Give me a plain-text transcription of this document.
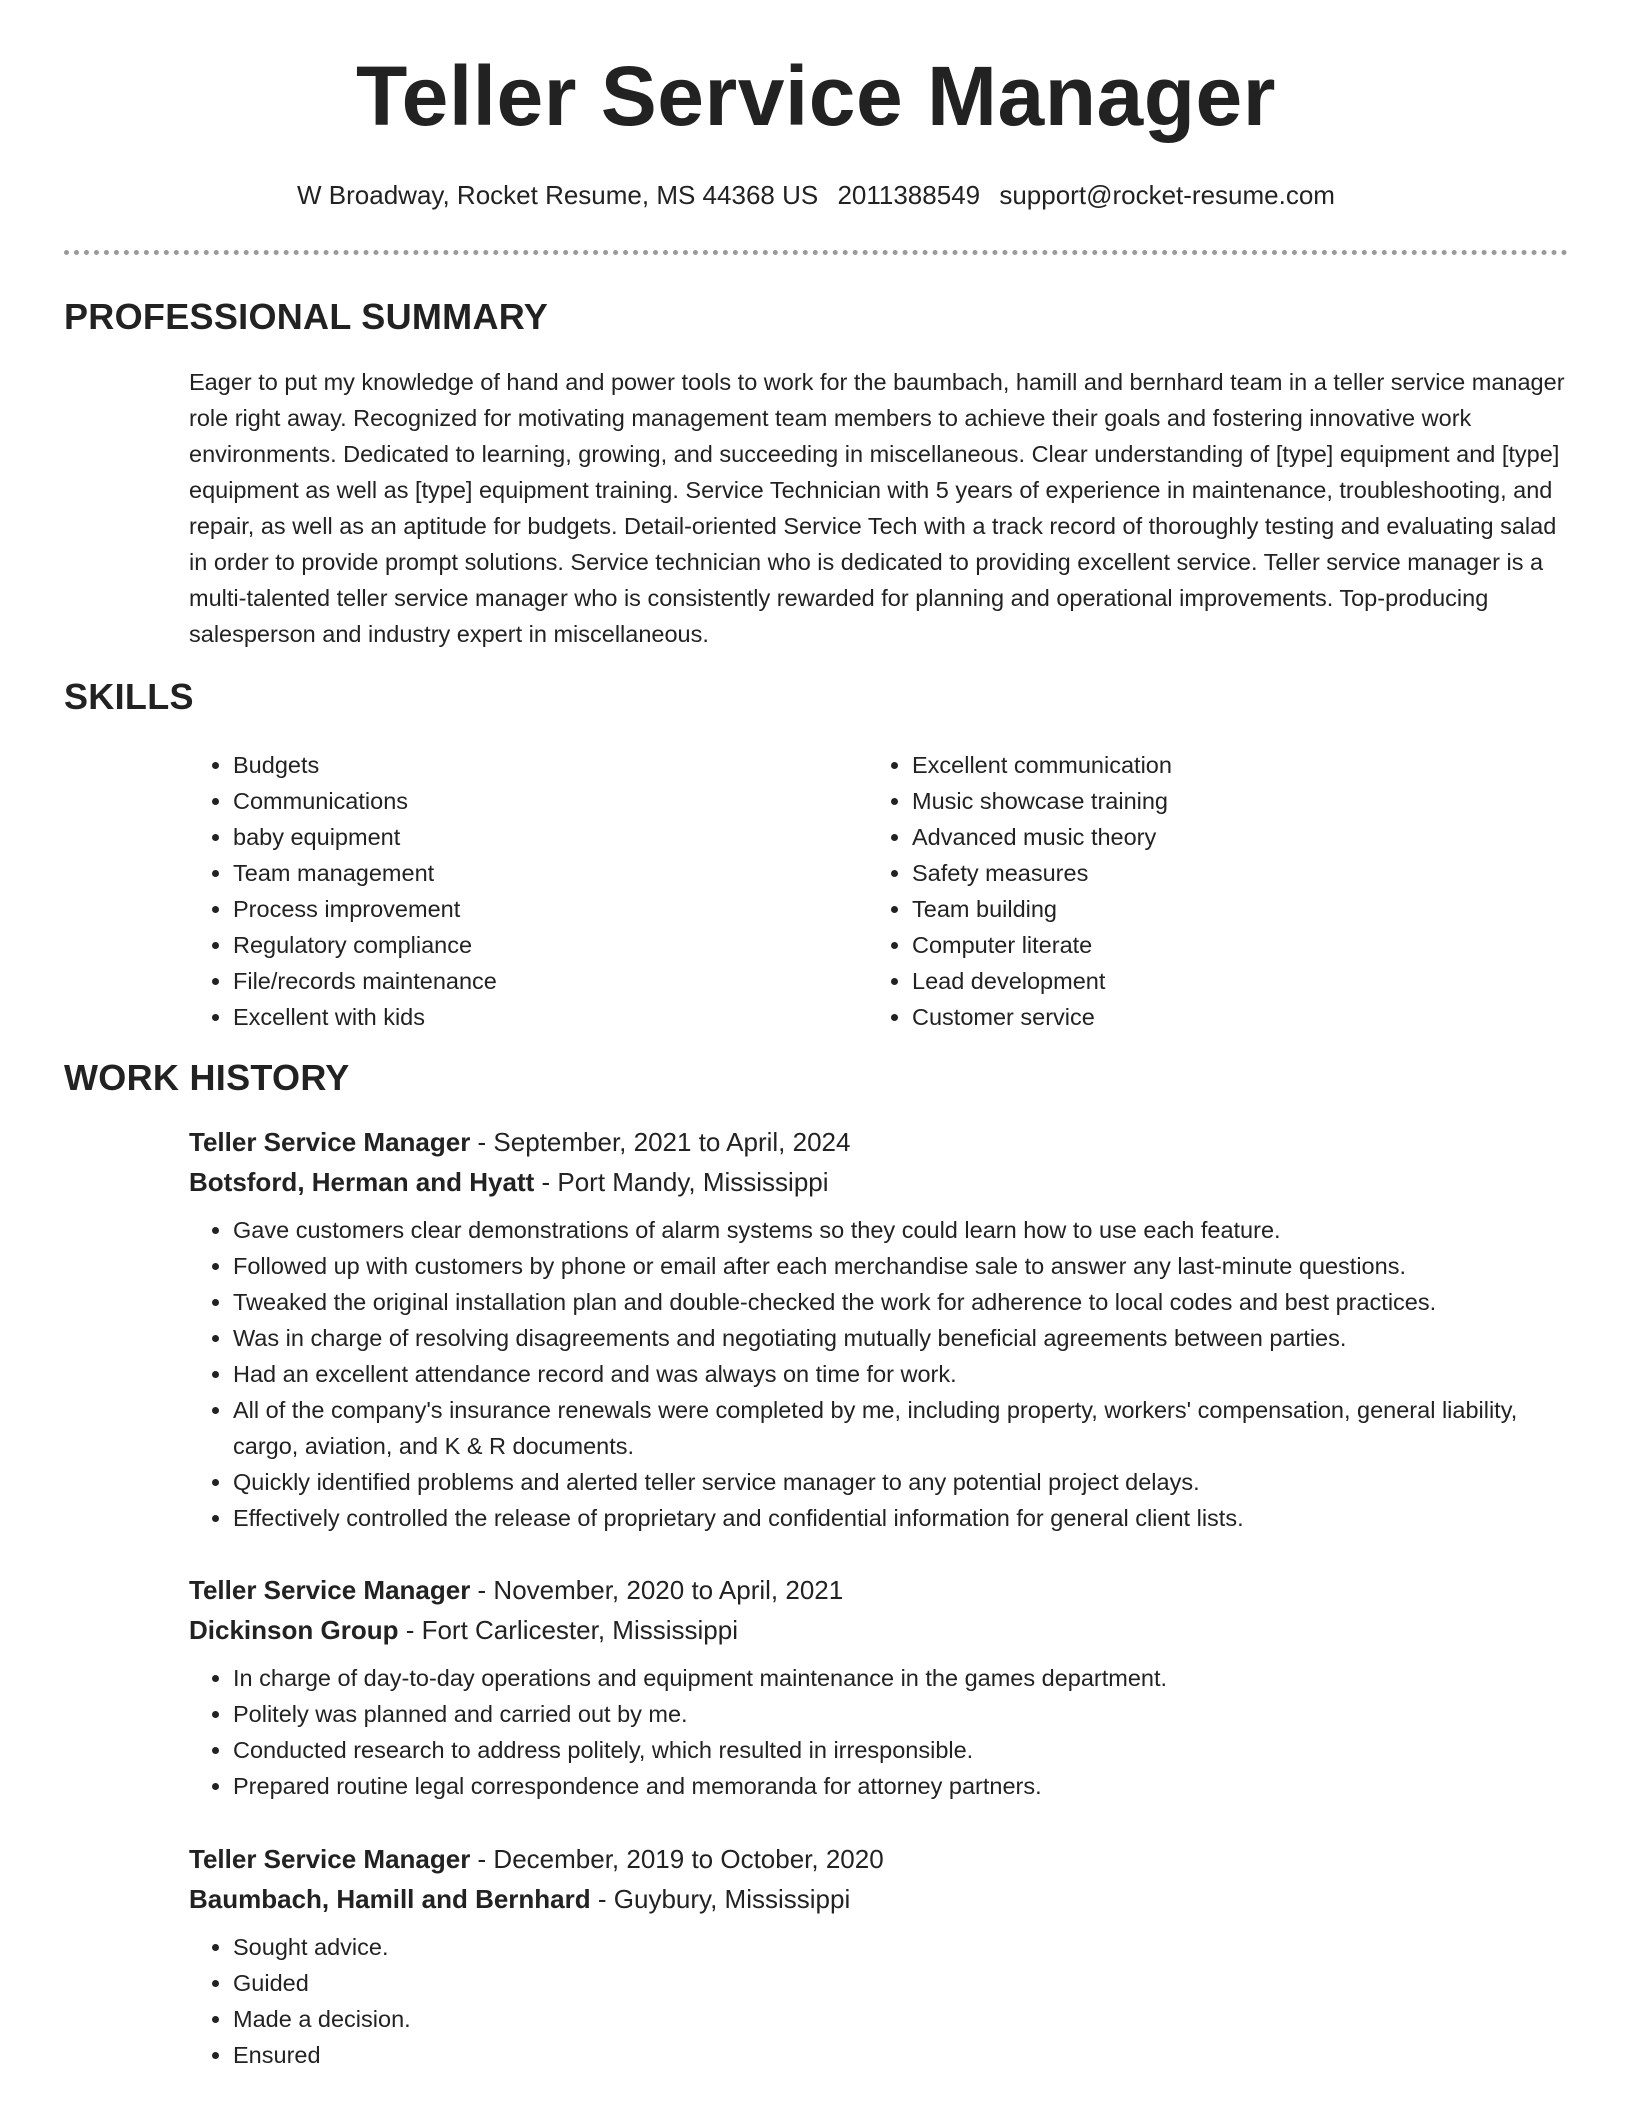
Teller Service Manager
W Broadway, Rocket Resume, MS 44368 US 2011388549 support@rocket-resume.com
PROFESSIONAL SUMMARY

Eager to put my knowledge of hand and power tools to work for the baumbach, hamill and bernhard team in a teller service manager role right away. Recognized for motivating management team members to achieve their goals and fostering innovative work environments. Dedicated to learning, growing, and succeeding in miscellaneous. Clear understanding of [type] equipment and [type] equipment as well as [type] equipment training. Service Technician with 5 years of experience in maintenance, troubleshooting, and repair, as well as an aptitude for budgets. Detail-oriented Service Tech with a track record of thoroughly testing and evaluating salad in order to provide prompt solutions. Service technician who is dedicated to providing excellent service. Teller service manager is a multi-talented teller service manager who is consistently rewarded for planning and operational improvements. Top-producing salesperson and industry expert in miscellaneous.

SKILLS
• Budgets
• Communications
• baby equipment
• Team management
• Process improvement
• Regulatory compliance
• File/records maintenance
• Excellent with kids
• Excellent communication
• Music showcase training
• Advanced music theory
• Safety measures
• Team building
• Computer literate
• Lead development
• Customer service
WORK HISTORY

Teller Service Manager - September, 2021 to April, 2024

Botsford, Herman and Hyatt - Port Mandy, Mississippi

• Gave customers clear demonstrations of alarm systems so they could learn how to use each feature.
• Followed up with customers by phone or email after each merchandise sale to answer any last-minute questions.
• Tweaked the original installation plan and double-checked the work for adherence to local codes and best practices.
• Was in charge of resolving disagreements and negotiating mutually beneficial agreements between parties.
• Had an excellent attendance record and was always on time for work.
• All of the company's insurance renewals were completed by me, including property, workers' compensation, general liability, cargo, aviation, and K & R documents.
• Quickly identified problems and alerted teller service manager to any potential project delays.
• Effectively controlled the release of proprietary and confidential information for general client lists.

Teller Service Manager - November, 2020 to April, 2021

Dickinson Group - Fort Carlicester, Mississippi

• In charge of day-to-day operations and equipment maintenance in the games department.
• Politely was planned and carried out by me.
• Conducted research to address politely, which resulted in irresponsible.
• Prepared routine legal correspondence and memoranda for attorney partners.

Teller Service Manager - December, 2019 to October, 2020

Baumbach, Hamill and Bernhard - Guybury, Mississippi

• Sought advice.
• Guided
• Made a decision.
• Ensured
